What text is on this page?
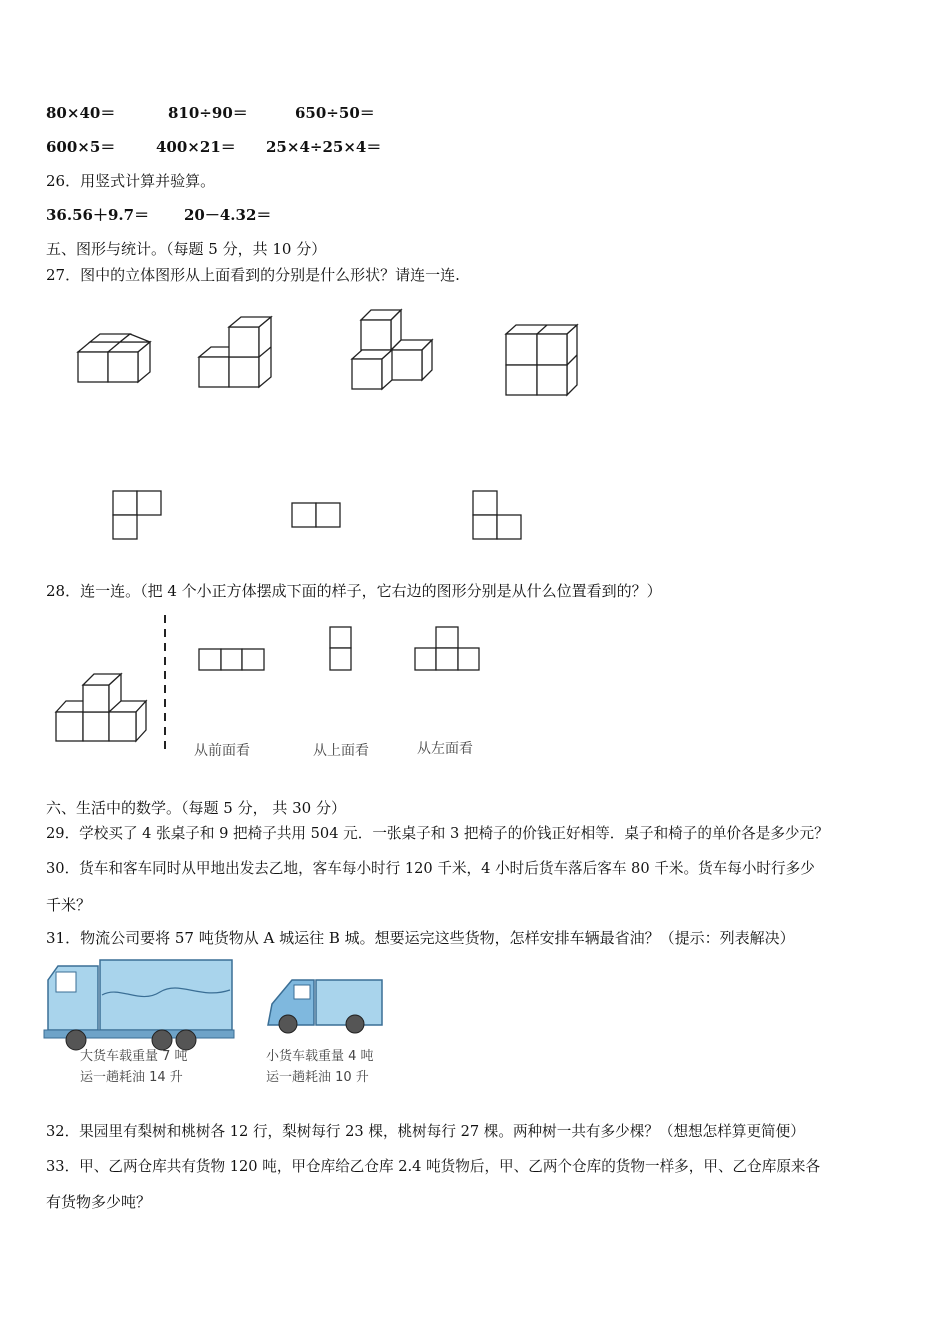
80×40＝	810÷90＝	650÷50＝
600×5＝	400×21＝ 25×4÷25×4＝
26．用竖式计算并验算。
36.56＋9.7＝ 20－4.32＝
五、图形与统计。（每题 5 分，共 10 分）
27．图中的立体图形从上面看到的分别是什么形状？请连一连.
28．连一连。（把 4 个小正方体摆成下面的样子，它右边的图形分别是从什么位置看到的？）
从前面看	从上面看	从左面看
六、生活中的数学。（每题 5 分， 共 30 分）
29．学校买了 4 张桌子和 9 把椅子共用 504 元．一张桌子和 3 把椅子的价钱正好相等．桌子和椅子的单价各是多少元？
30．货车和客车同时从甲地出发去乙地，客车每小时行 120 千米，4 小时后货车落后客车 80 千米。货车每小时行多少
千米？
31．物流公司要将 57 吨货物从 A 城运往 B 城。想要运完这些货物，怎样安排车辆最省油？（提示：列表解决）
大货车载重量 7 吨
运一趟耗油 14 升
小货车载重量 4 吨
运一趟耗油 10 升
32．果园里有梨树和桃树各 12 行，梨树每行 23 棵，桃树每行 27 棵。两种树一共有多少棵？（想想怎样算更简便）
33．甲、乙两仓库共有货物 120 吨，甲仓库给乙仓库 2.4 吨货物后，甲、乙两个仓库的货物一样多，甲、乙仓库原来各
有货物多少吨？
